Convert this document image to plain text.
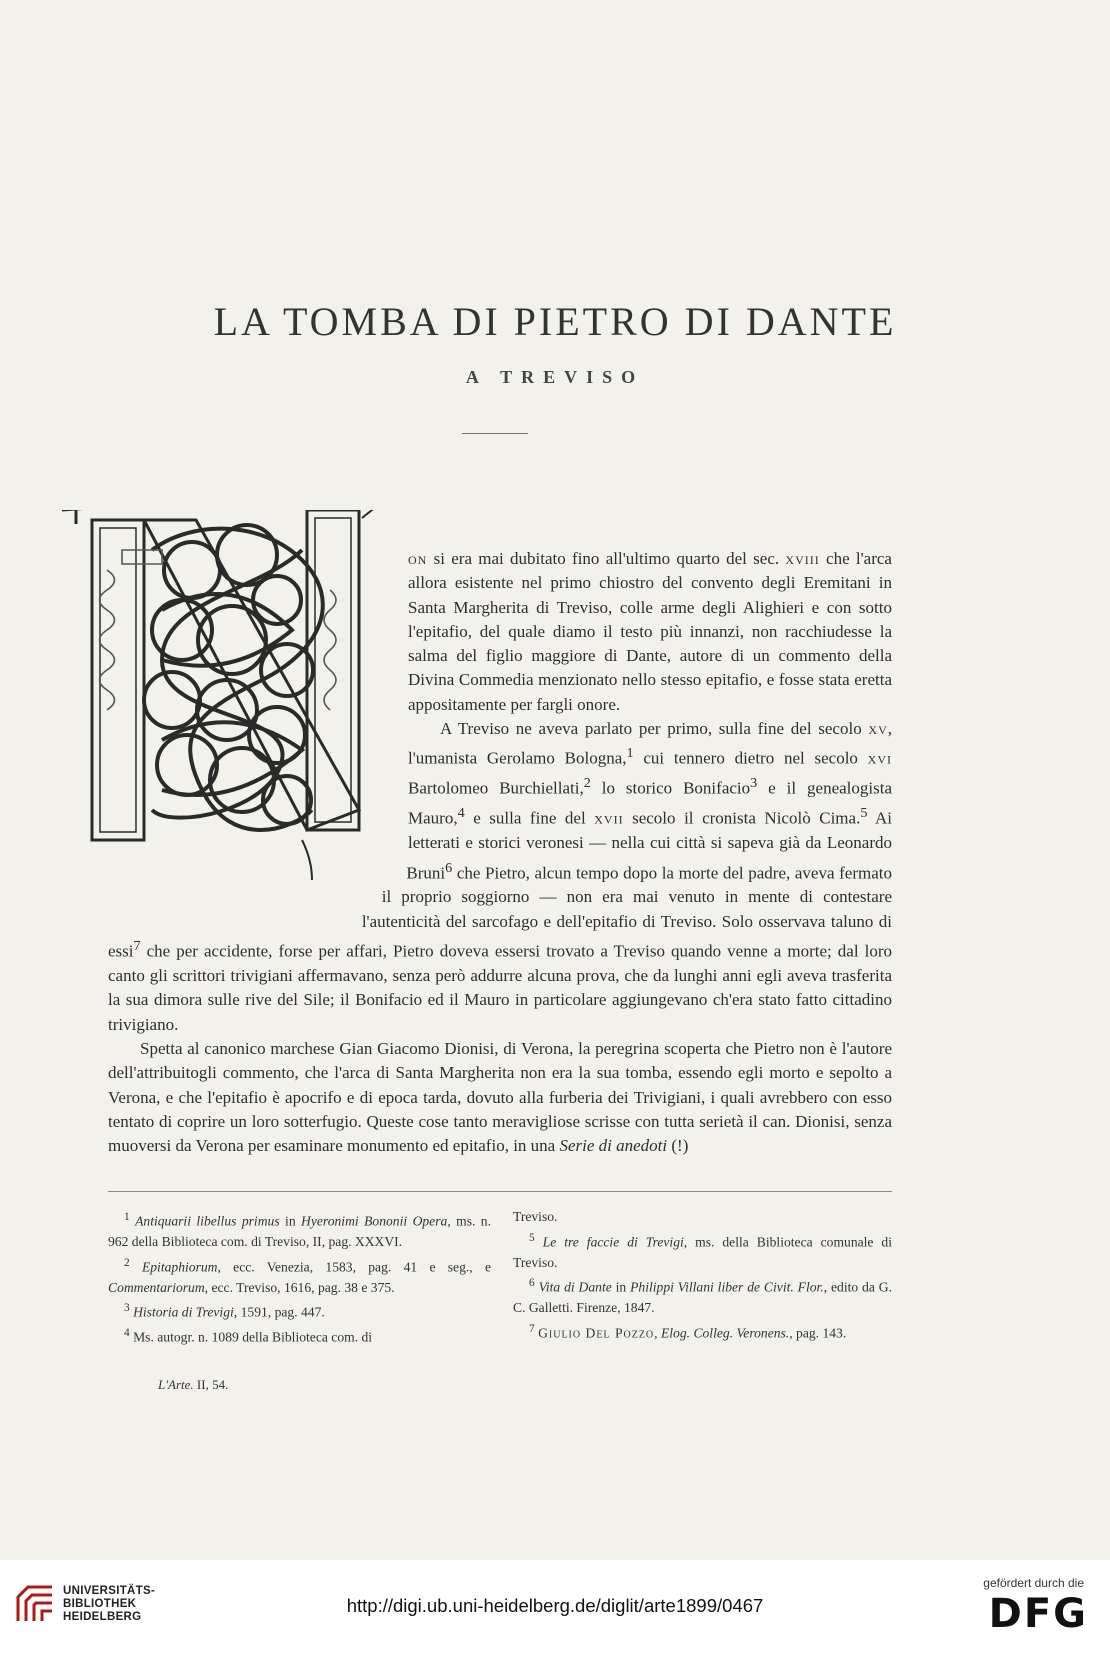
LA TOMBA DI PIETRO DI DANTE
A TREVISO

on si era mai dubitato fino all'ultimo quarto del sec. xviii che l'arca allora esistente nel primo chiostro del convento degli Eremitani in Santa Margherita di Treviso, colle arme degli Alighieri e con sotto l'epitafio, del quale diamo il testo più innanzi, non racchiudesse la salma del figlio maggiore di Dante, autore di un commento della Divina Commedia menzionato nello stesso epitafio, e fosse stata eretta appositamente per fargli onore.

A Treviso ne aveva parlato per primo, sulla fine del secolo xv, l'umanista Gerolamo Bologna,$^1$ cui tennero dietro nel secolo xvi Bartolomeo Burchiellati,$^2$ lo storico Bonifacio$^3$ e il genealogista Mauro,$^4$ e sulla fine del xvii secolo il cronista Nicolò Cima.$^5$ Ai letterati e storici veronesi — nella cui città si sapeva già da Leonardo Bruni$^6$ che Pietro, alcun tempo dopo la morte del padre, aveva fermato il proprio soggiorno — non era mai venuto in mente di contestare l'autenticità del sarcofago e dell'epitafio di Treviso. Solo osservava taluno di essi$^7$ che per accidente, forse per affari, Pietro doveva essersi trovato a Treviso quando venne a morte; dal loro canto gli scrittori trivigiani affermavano, senza però addurre alcuna prova, che da lunghi anni egli aveva trasferita la sua dimora sulle rive del Sile; il Bonifacio ed il Mauro in particolare aggiungevano ch'era stato fatto cittadino trivigiano.

Spetta al canonico marchese Gian Giacomo Dionisi, di Verona, la peregrina scoperta che Pietro non è l'autore dell'attribuitogli commento, che l'arca di Santa Margherita non era la sua tomba, essendo egli morto e sepolto a Verona, e che l'epitafio è apocrifo e di epoca tarda, dovuto alla furberia dei Trivigiani, i quali avrebbero con esso tentato di coprire un loro sotterfugio. Queste cose tanto meravigliose scrisse con tutta serietà il can. Dionisi, senza muoversi da Verona per esaminare monumento ed epitafio, in una Serie di anedoti (!)

$^1$ Antiquarii libellus primus in Hyeronimi Bononii Opera, ms. n. 962 della Biblioteca com. di Treviso, II, pag. XXXVI.
$^2$ Epitaphiorum, ecc. Venezia, 1583, pag. 41 e seg., e Commentariorum, ecc. Treviso, 1616, pag. 38 e 375.
$^3$ Historia di Trevigi, 1591, pag. 447.
$^4$ Ms. autogr. n. 1089 della Biblioteca com. di
Treviso.
$^5$ Le tre faccie di Trevigi, ms. della Biblioteca comunale di Treviso.
$^6$ Vita di Dante in Philippi Villani liber de Civit. Flor., edito da G. C. Galletti. Firenze, 1847.
$^7$ Giulio Del Pozzo, Elog. Colleg. Veronens., pag. 143.
L'Arte. II, 54.
UNIVERSITÄTS-
BIBLIOTHEK
HEIDELBERG
http://digi.ub.uni-heidelberg.de/diglit/arte1899/0467
gefördert durch die
DFG
